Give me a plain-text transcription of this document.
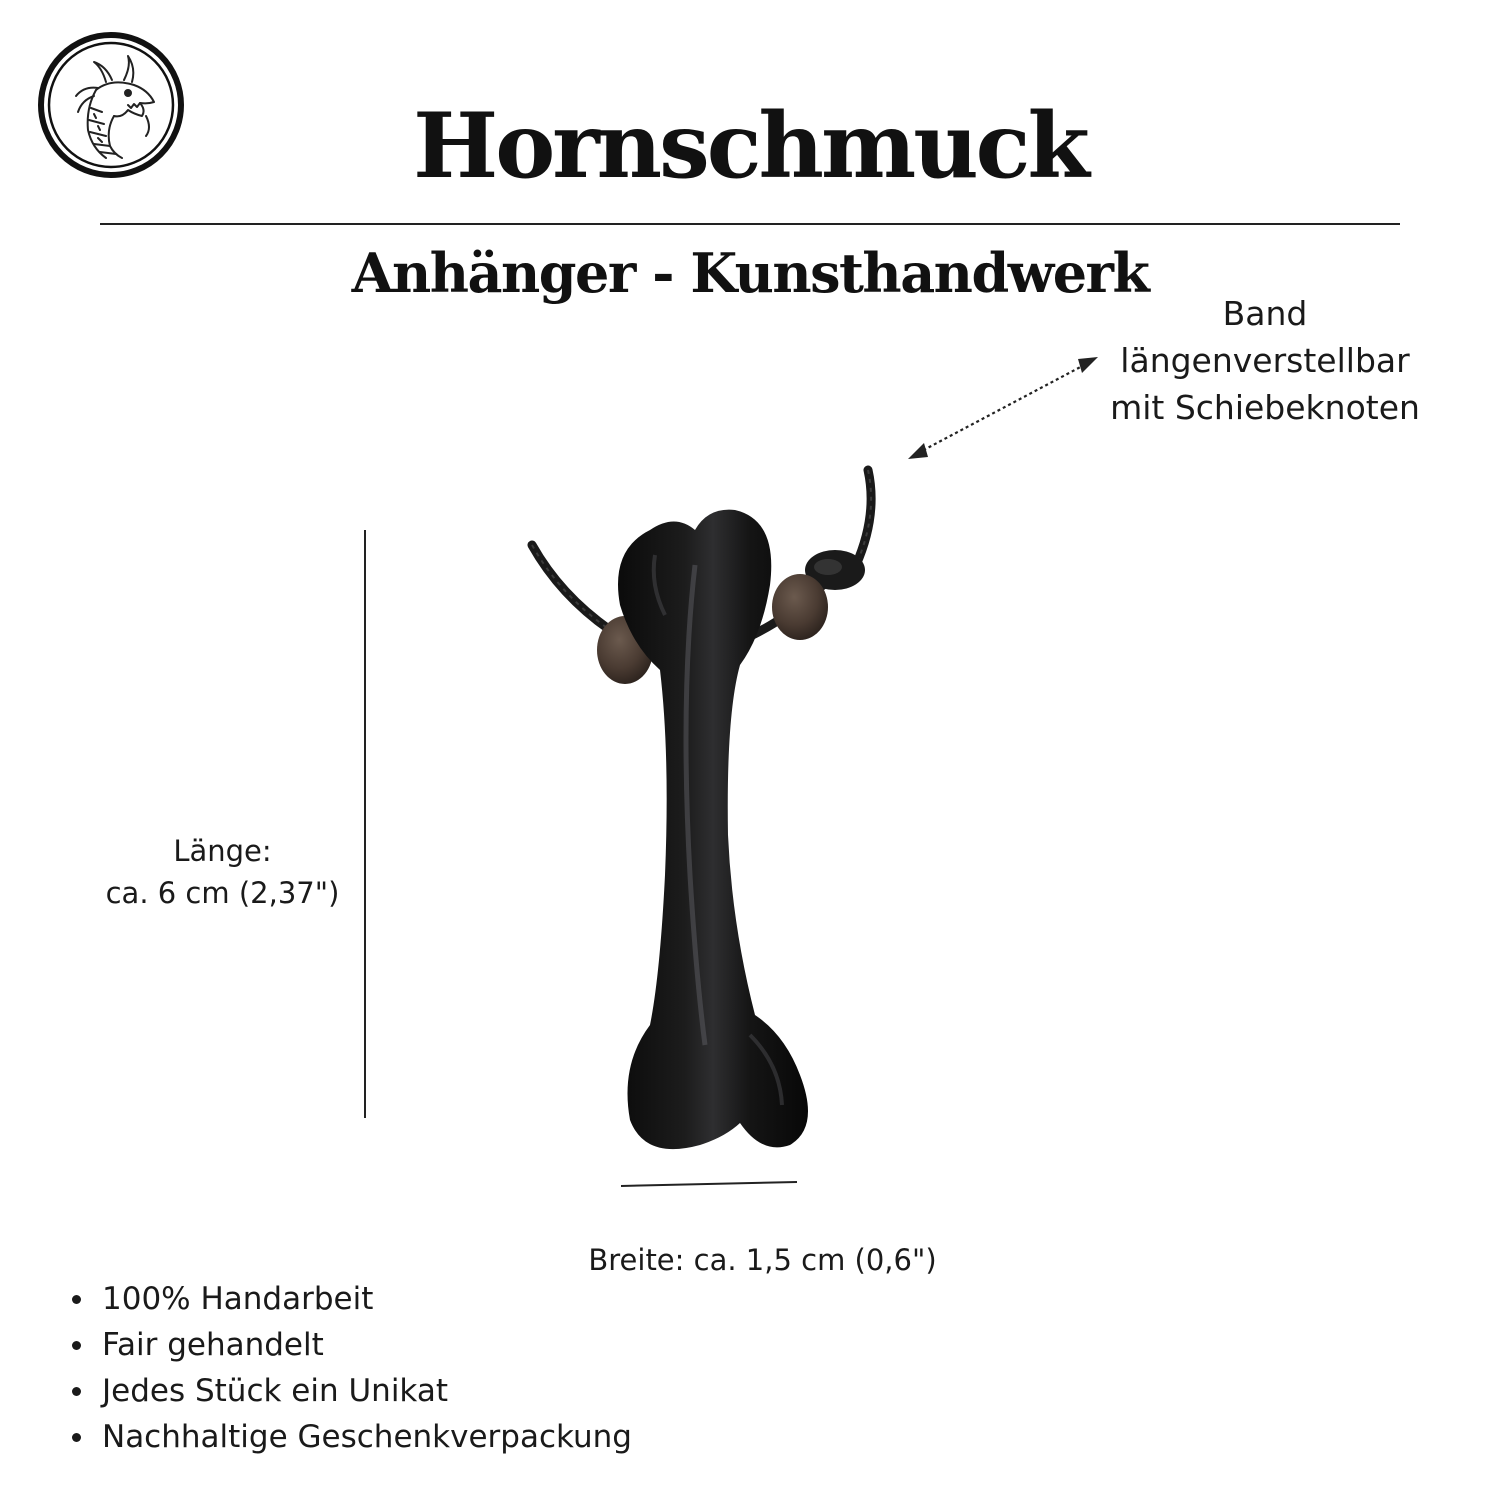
Hornschmuck
Anhänger - Kunsthandwerk
Band
längenverstellbar
mit Schiebeknoten
Länge:
ca. 6 cm (2,37")
Breite: ca. 1,5 cm (0,6")
100% Handarbeit
Fair gehandelt
Jedes Stück ein Unikat
Nachhaltige Geschenkverpackung
